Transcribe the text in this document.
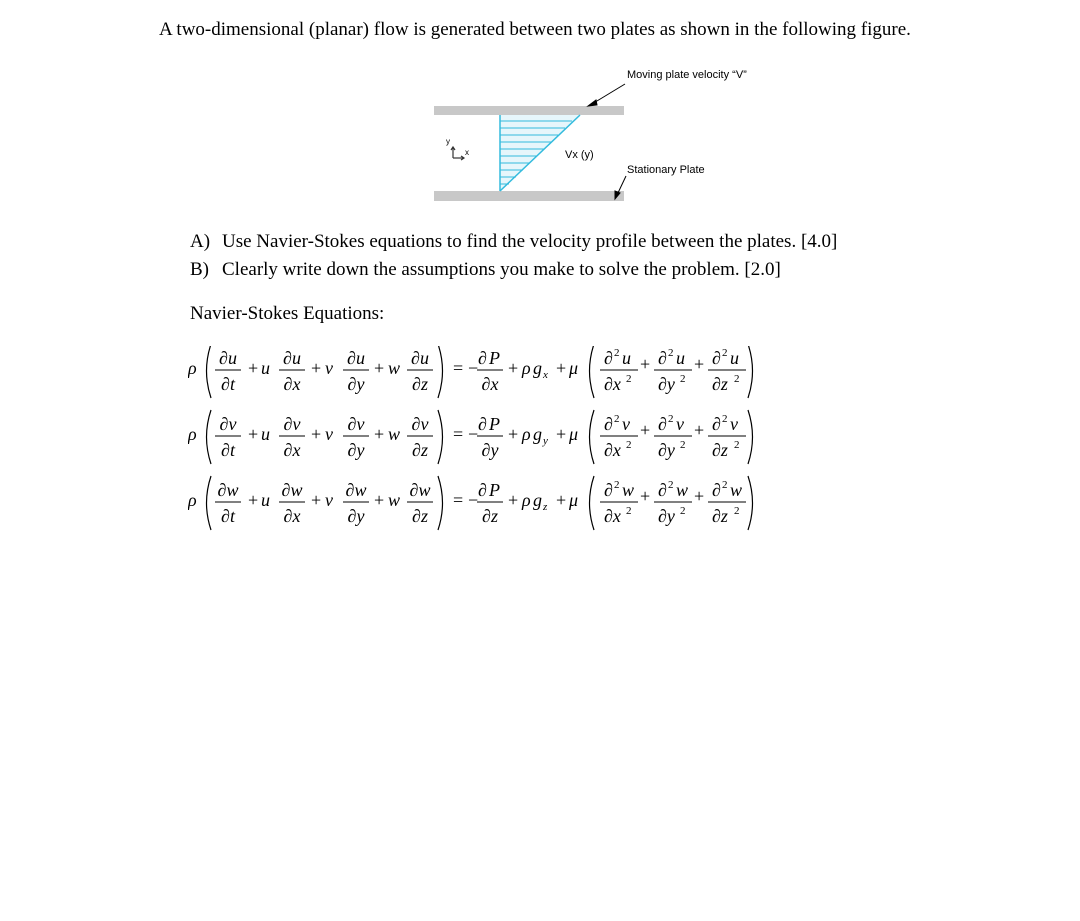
A two-dimensional (planar) flow is generated between two plates as shown in the following figure.
y
x	Vx (y)
Moving plate velocity “V”
Stationary Plate
A) Use Navier-Stokes equations to find the velocity profile between the plates. [4.0]
B) Clearly write down the assumptions you make to solve the problem. [2.0]
Navier-Stokes Equations:
ρ ∂u
∂t
+ u ∂u
∂x
+ v ∂u
∂y
+ w ∂u
∂z
= − ∂ P
∂x
+ ρ g x + μ ∂ 2 u
∂x 2
+ ∂ 2 u
∂y 2
+ ∂ 2 u
∂z 2
ρ ∂v
∂t
+ u ∂v
∂x
+ v ∂v
∂y
+ w ∂v
∂z
= − ∂ P
∂y
+ ρ g y + μ ∂ 2 v
∂x 2
+ ∂ 2 v
∂y 2
+ ∂ 2 v
∂z 2
ρ ∂w
∂t
+ u ∂w
∂x
+ v ∂w
∂y
+ w ∂w
∂z
= − ∂ P
∂z
+ ρ g z + μ ∂ 2 w
∂x 2
+ ∂ 2 w
∂y 2
+ ∂ 2 w
∂z 2
